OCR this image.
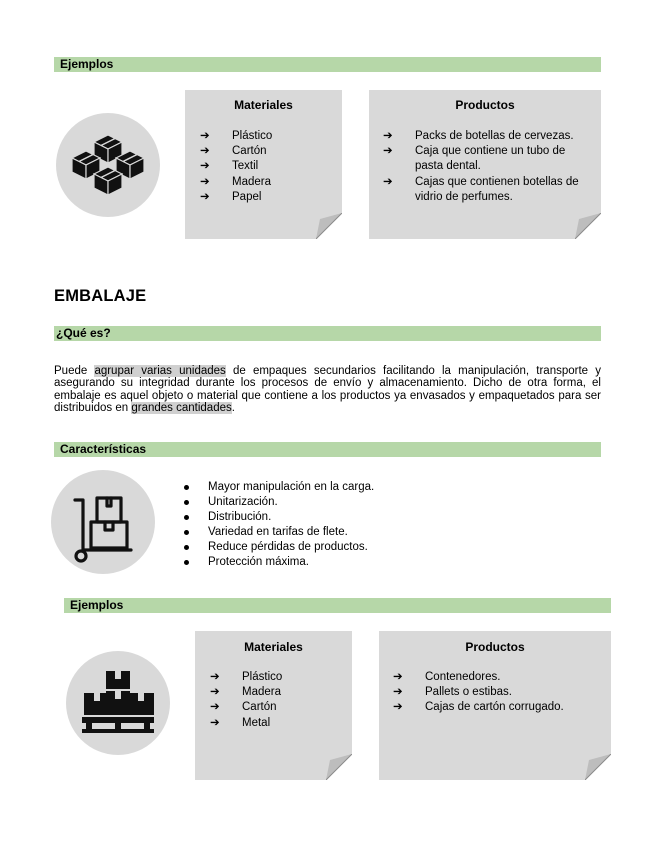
Ejemplos
Materiales
➔ Plástico
➔ Cartón
➔ Textil
➔ Madera
➔ Papel
Productos
➔ Packs de botellas de cervezas.
➔ Caja que contiene un tubo de pasta dental.
➔ Cajas que contienen botellas de vidrio de perfumes.
EMBALAJE
¿Qué es?
Puede agrupar varias unidades de empaques secundarios facilitando la manipulación, transporte y asegurando su integridad durante los procesos de envío y almacenamiento. Dicho de otra forma, el embalaje es aquel objeto o material que contiene a los productos ya envasados y empaquetados para ser distribuidos en grandes cantidades.
Características
Mayor manipulación en la carga.
Unitarización.
Distribución.
Variedad en tarifas de flete.
Reduce pérdidas de productos.
Protección máxima.
Ejemplos
Materiales
➔ Plástico
➔ Madera
➔ Cartón
➔ Metal
Productos
➔ Contenedores.
➔ Pallets o estibas.
➔ Cajas de cartón corrugado.
